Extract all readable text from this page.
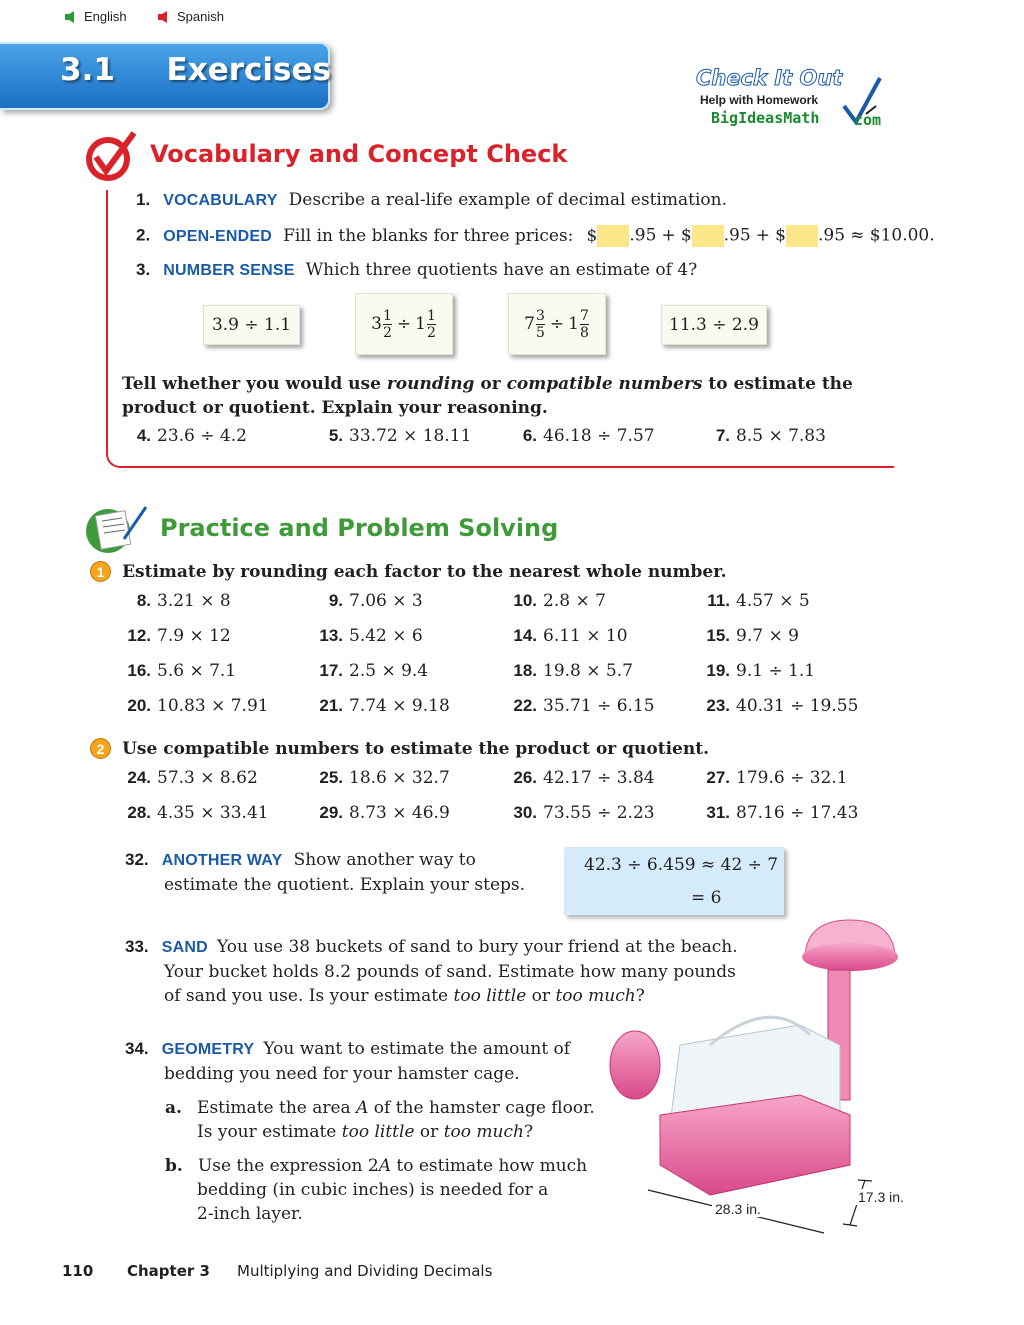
English	Spanish
3.1 Exercises	Check It Out
Help with Homework
BigIdeasMath com
Vocabulary and Concept Check
1. VOCABULARY Describe a real-life example of decimal estimation.
2. OPEN-ENDED Fill in the blanks for three prices: $ .95 + $ .95 + $ .95 ≈ $10.00.
3. NUMBER SENSE Which three quotients have an estimate of 4?
3.9 ÷ 1.1	$3 \frac{1}{2} \div 1 \frac{1}{2}$	$7 \frac{3}{5} \div 1 \frac{7}{8}$	11.3 ÷ 2.9
Tell whether you would use rounding or compatible numbers to estimate the
product or quotient. Explain your reasoning.
4. 23.6 ÷ 4.2	5. 33.72 × 18.11	6. 46.18 ÷ 7.57	7. 8.5 × 7.83
Practice and Problem Solving
1 Estimate by rounding each factor to the nearest whole number.
8. 3.21 × 8	9. 7.06 × 3	10. 2.8 × 7	11. 4.57 × 5
12. 7.9 × 12	13. 5.42 × 6	14. 6.11 × 10	15. 9.7 × 9
16. 5.6 × 7.1	17. 2.5 × 9.4	18. 19.8 × 5.7	19. 9.1 ÷ 1.1
20. 10.83 × 7.91	21. 7.74 × 9.18	22. 35.71 ÷ 6.15	23. 40.31 ÷ 19.55
2 Use compatible numbers to estimate the product or quotient.
24. 57.3 × 8.62	25. 18.6 × 32.7	26. 42.17 ÷ 3.84	27. 179.6 ÷ 32.1
28. 4.35 × 33.41	29. 8.73 × 46.9	30. 73.55 ÷ 2.23	31. 87.16 ÷ 17.43
32. ANOTHER WAY Show another way to
estimate the quotient. Explain your steps.
42.3 ÷ 6.459 ≈ 42 ÷ 7
= 6
33. SAND You use 38 buckets of sand to bury your friend at the beach.
Your bucket holds 8.2 pounds of sand. Estimate how many pounds
of sand you use. Is your estimate too little or too much?
34. GEOMETRY You want to estimate the amount of
bedding you need for your hamster cage.
a. Estimate the area A of the hamster cage floor.
Is your estimate too little or too much?
b. Use the expression 2A to estimate how much
bedding (in cubic inches) is needed for a
2-inch layer.	28.3 in.
17.3 in.
110 Chapter 3 Multiplying and Dividing Decimals
